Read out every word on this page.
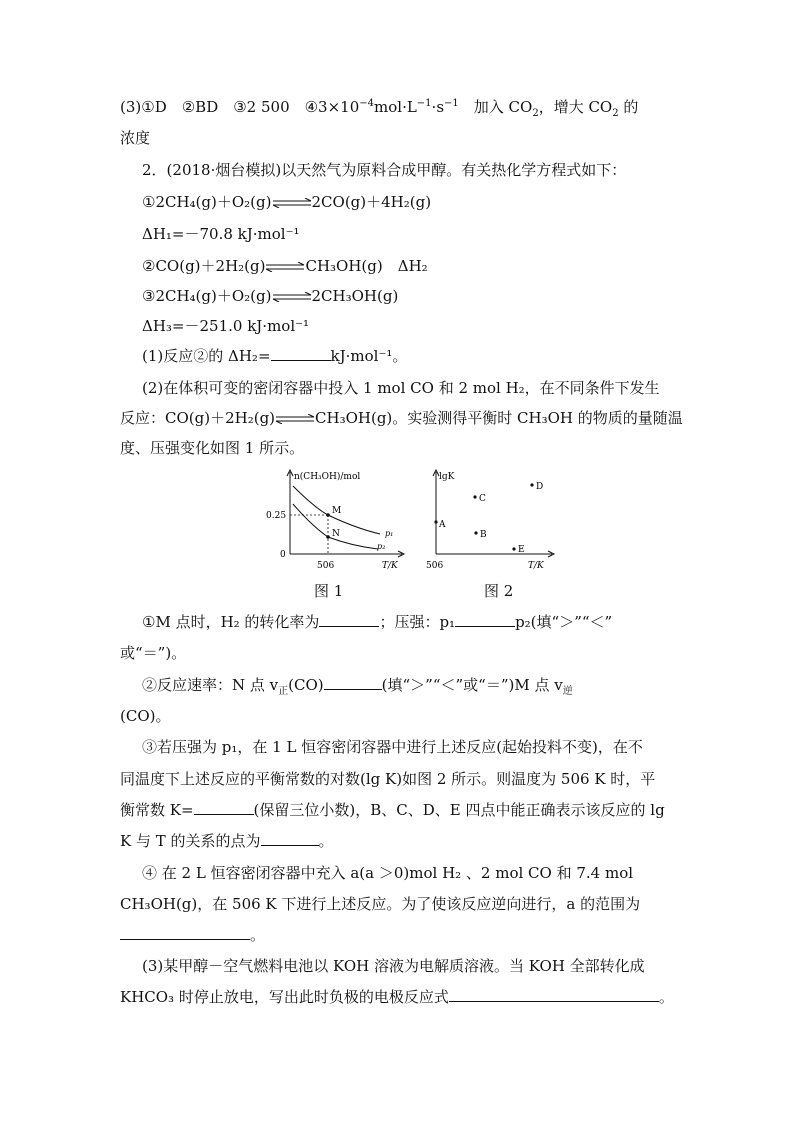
(3)①D　②BD　③2 500　$④3\times 10^{-4}mol\cdot L^{-1}\cdot s^{-1}$　加入 $CO_2$，增大 $CO_2$ 的
浓度
2．(2018·烟台模拟)以天然气为原料合成甲醇。有关热化学方程式如下：
①2CH₄(g)＋O₂(g)⇌2CO(g)＋4H₂(g)
ΔH₁=－70.8 kJ·mol⁻¹
②CO(g)＋2H₂(g)⇌CH₃OH(g)　ΔH₂
③2CH₄(g)＋O₂(g)⇌2CH₃OH(g)
ΔH₃=－251.0 kJ·mol⁻¹
(1)反应②的 ΔH₂=	kJ·mol⁻¹。
(2)在体积可变的密闭容器中投入 1 mol CO 和 2 mol H₂，在不同条件下发生
反应：CO(g)＋2H₂(g)⇌CH₃OH(g)。实验测得平衡时 CH₃OH 的物质的量随温
度、压强变化如图 1 所示。
n(CH₃OH)/mol
0.25
0
506	T/K
M
N	p₁
p₂
图 1
lgK
A
B
C
D
E
506	T/K
图 2
①M 点时，H₂ 的转化率为	；压强：p₁	p₂(填“＞”“＜”
或“＝”)。
②反应速率：N 点 $v_正(CO)$	(填“＞”“＜”或“＝”)M 点 $v_逆$
(CO)。
③若压强为 p₁，在 1 L 恒容密闭容器中进行上述反应(起始投料不变)，在不
同温度下上述反应的平衡常数的对数(lg K)如图 2 所示。则温度为 506 K 时，平
衡常数 K=	(保留三位小数)，B、C、D、E 四点中能正确表示该反应的 lg
K 与 T 的关系的点为	。
④ 在 2 L 恒容密闭容器中充入 a(a ＞0)mol H₂ 、2 mol CO 和 7.4 mol
CH₃OH(g)，在 506 K 下进行上述反应。为了使该反应逆向进行，a 的范围为
。
(3)某甲醇－空气燃料电池以 KOH 溶液为电解质溶液。当 KOH 全部转化成
KHCO₃ 时停止放电，写出此时负极的电极反应式	。
